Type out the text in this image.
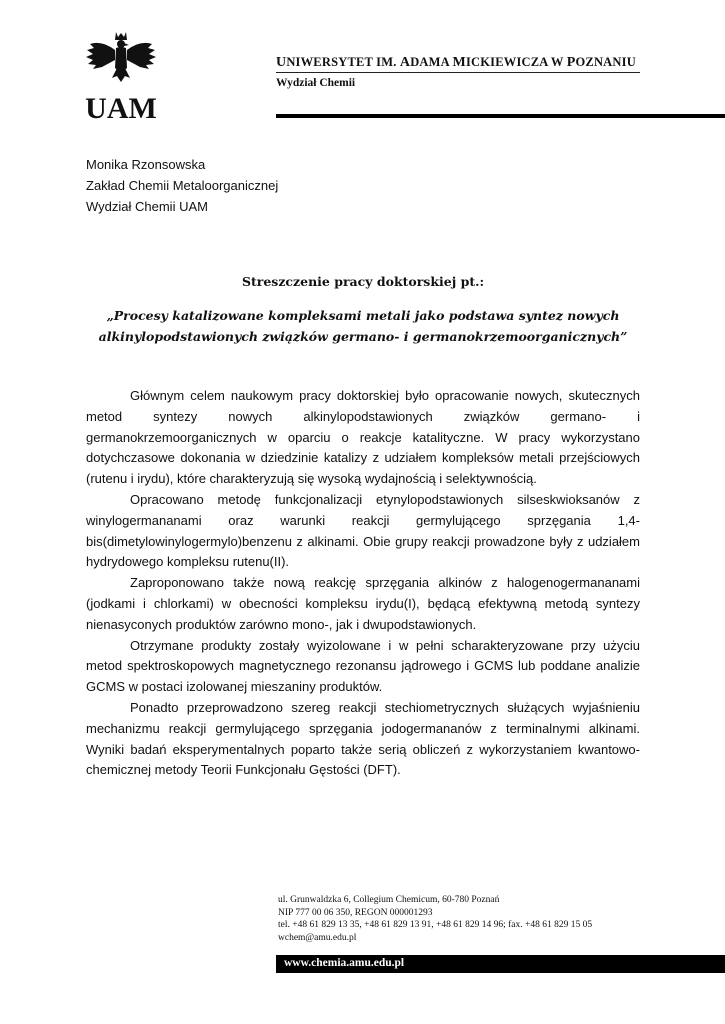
UAM
UNIWERSYTET IM. ADAMA MICKIEWICZA W POZNANIU
Wydział Chemii
Monika Rzonsowska
Zakład Chemii Metaloorganicznej
Wydział Chemii UAM
Streszczenie pracy doktorskiej pt.:
„Procesy katalizowane kompleksami metali jako podstawa syntez nowych
alkinylopodstawionych związków germano- i germanokrzemoorganicznych”

Głównym celem naukowym pracy doktorskiej było opracowanie nowych, skutecznych metod syntezy nowych alkinylopodstawionych związków germano- i germanokrzemoorganicznych w oparciu o reakcje katalityczne. W pracy wykorzystano dotychczasowe dokonania w dziedzinie katalizy z udziałem kompleksów metali przejściowych (rutenu i irydu), które charakteryzują się wysoką wydajnością i selektywnością.

Opracowano metodę funkcjonalizacji etynylopodstawionych silseskwioksanów z winylogermananami oraz warunki reakcji germylującego sprzęgania 1,4-bis(dimetylowinylogermylo)benzenu z alkinami. Obie grupy reakcji prowadzone były z udziałem hydrydowego kompleksu rutenu(II).

Zaproponowano także nową reakcję sprzęgania alkinów z halogenogermananami (jodkami i chlorkami) w obecności kompleksu irydu(I), będącą efektywną metodą syntezy nienasyconych produktów zarówno mono-, jak i dwupodstawionych.

Otrzymane produkty zostały wyizolowane i w pełni scharakteryzowane przy użyciu metod spektroskopowych magnetycznego rezonansu jądrowego i GCMS lub poddane analizie GCMS w postaci izolowanej mieszaniny produktów.

Ponadto przeprowadzono szereg reakcji stechiometrycznych służących wyjaśnieniu mechanizmu reakcji germylującego sprzęgania jodogermananów z terminalnymi alkinami. Wyniki badań eksperymentalnych poparto także serią obliczeń z wykorzystaniem kwantowo-chemicznej metody Teorii Funkcjonału Gęstości (DFT).

ul. Grunwaldzka 6, Collegium Chemicum, 60-780 Poznań
NIP 777 00 06 350, REGON 000001293
tel. +48 61 829 13 35, +48 61 829 13 91, +48 61 829 14 96; fax. +48 61 829 15 05
wchem@amu.edu.pl
www.chemia.amu.edu.pl
